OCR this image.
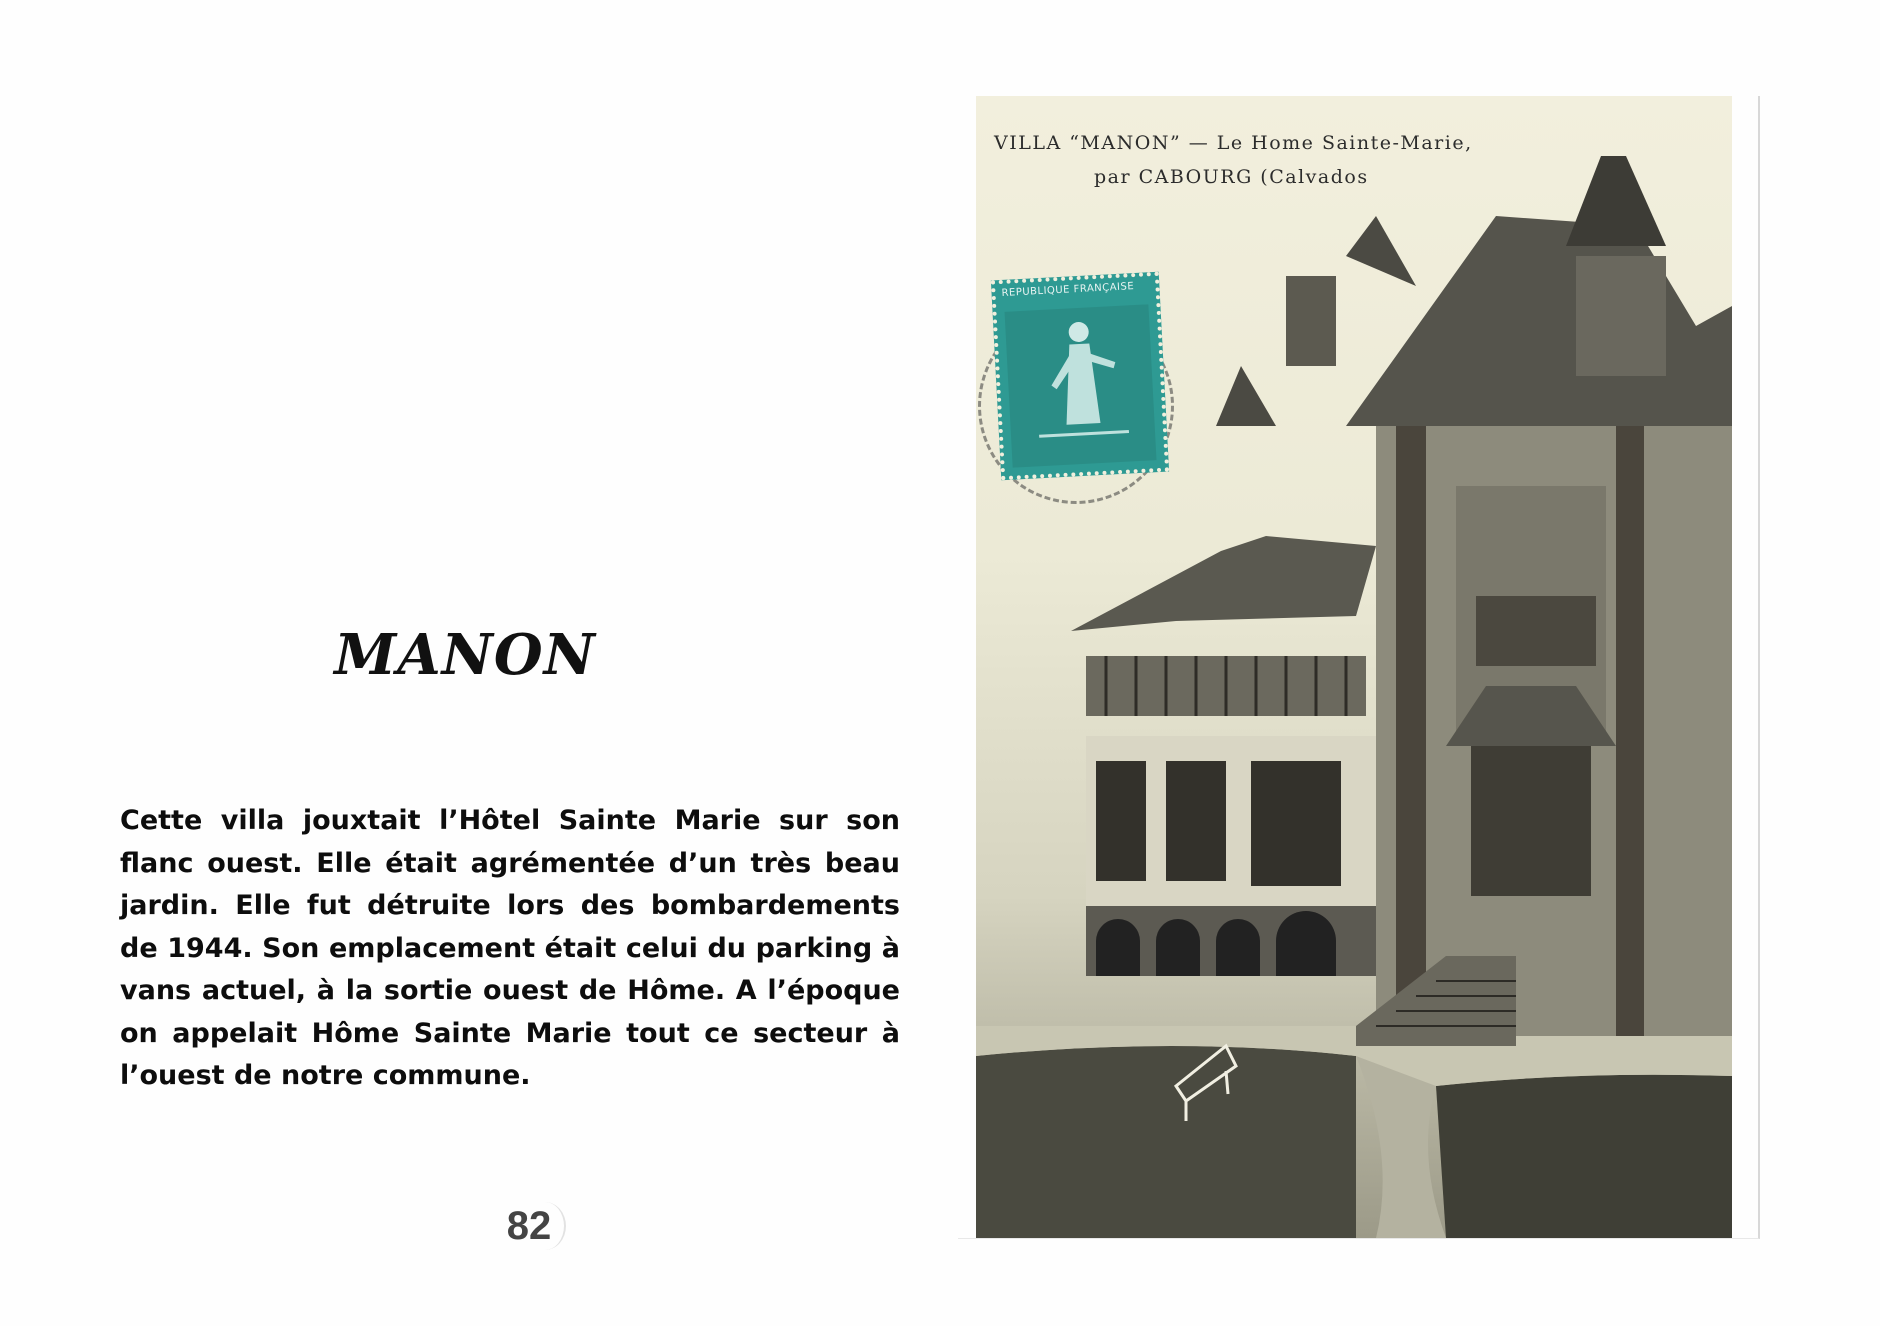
MANON
Cette villa jouxtait l’Hôtel Sainte Marie sur son flanc ouest. Elle était agrémentée d’un très beau jardin. Elle fut détruite lors des bombardements de 1944. Son emplacement était celui du parking à vans actuel, à la sortie ouest de Hôme. A l’époque on appelait Hôme Sainte Marie tout ce secteur à l’ouest de notre commune.
82
VILLA “MANON” — Le Home Sainte-Marie,
par CABOURG (Calvados
REPUBLIQUE FRANÇAISE
